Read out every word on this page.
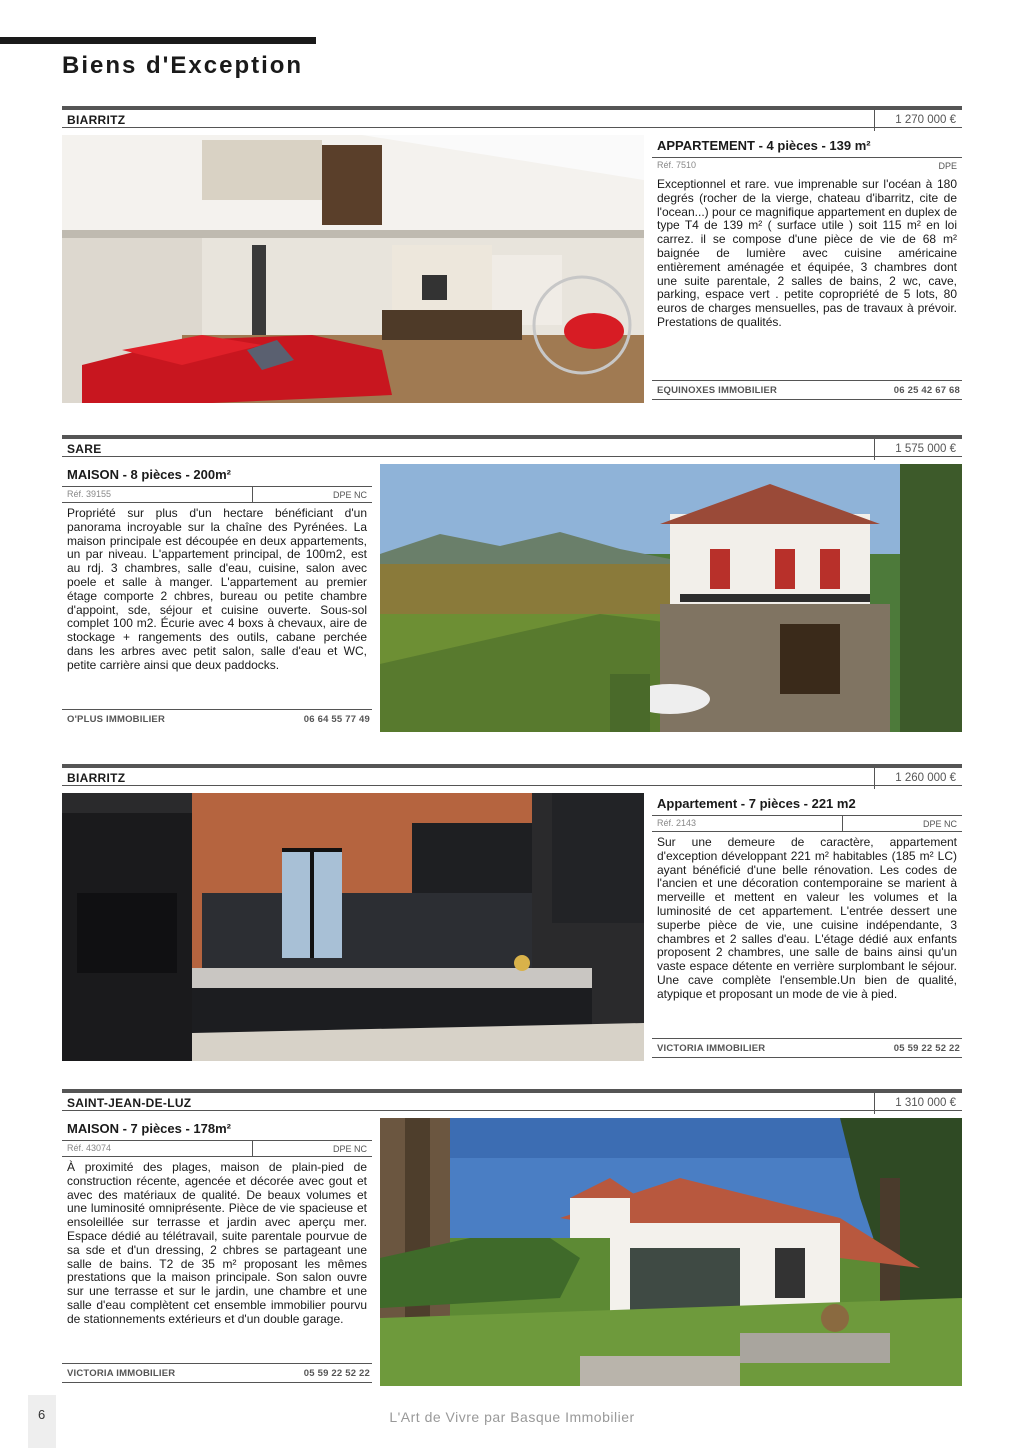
Biens d'Exception
BIARRITZ	1 270 000 €
APPARTEMENT - 4 pièces - 139 m²
Réf. 7510	DPE
Exceptionnel et rare. vue imprenable sur l'océan à 180 degrés (rocher de la vierge, chateau d'ibarritz, cite de l'ocean...) pour ce magnifique appartement en duplex de type T4 de 139 m² ( surface utile ) soit 115 m² en loi carrez. il se compose d'une pièce de vie de 68 m² baignée de lumière avec cuisine américaine entièrement aménagée et équipée, 3 chambres dont une suite parentale, 2 salles de bains, 2 wc, cave, parking, espace vert . petite copropriété de 5 lots, 80 euros de charges mensuelles, pas de travaux à prévoir. Prestations de qualités.
EQUINOXES IMMOBILIER	06 25 42 67 68
SARE	1 575 000 €
MAISON - 8 pièces - 200m²
Réf. 39155	DPE NC
Propriété sur plus d'un hectare bénéficiant d'un panorama incroyable sur la chaîne des Pyrénées. La maison principale est découpée en deux appartements, un par niveau. L'appartement principal, de 100m2, est au rdj. 3 chambres, salle d'eau, cuisine, salon avec poele et salle à manger. L'appartement au premier étage comporte 2 chbres, bureau ou petite chambre d'appoint, sde, séjour et cuisine ouverte. Sous-sol complet 100 m2. Écurie avec 4 boxs à chevaux, aire de stockage + rangements des outils, cabane perchée dans les arbres avec petit salon, salle d'eau et WC, petite carrière ainsi que deux paddocks.
O'PLUS IMMOBILIER	06 64 55 77 49
BIARRITZ	1 260 000 €
Appartement - 7 pièces - 221 m2
Réf. 2143	DPE NC
Sur une demeure de caractère, appartement d'exception développant 221 m² habitables (185 m² LC) ayant bénéficié d'une belle rénovation. Les codes de l'ancien et une décoration contemporaine se marient à merveille et mettent en valeur les volumes et la luminosité de cet appartement. L'entrée dessert une superbe pièce de vie, une cuisine indépendante, 3 chambres et 2 salles d'eau. L'étage dédié aux enfants proposent 2 chambres, une salle de bains ainsi qu'un vaste espace détente en verrière surplombant le séjour. Une cave complète l'ensemble.Un bien de qualité, atypique et proposant un mode de vie à pied.
VICTORIA IMMOBILIER	05 59 22 52 22
SAINT-JEAN-DE-LUZ	1 310 000 €
MAISON - 7 pièces - 178m²
Réf. 43074	DPE NC
À proximité des plages, maison de plain-pied de construction récente, agencée et décorée avec gout et avec des matériaux de qualité. De beaux volumes et une luminosité omniprésente. Pièce de vie spacieuse et ensoleillée sur terrasse et jardin avec aperçu mer. Espace dédié au télétravail, suite parentale pourvue de sa sde et d'un dressing, 2 chbres se partageant une salle de bains. T2 de 35 m² proposant les mêmes prestations que la maison principale. Son salon ouvre sur une terrasse et sur le jardin, une chambre et une salle d'eau complètent cet ensemble immobilier pourvu de stationnements extérieurs et d'un double garage.
VICTORIA IMMOBILIER	05 59 22 52 22
6	L'Art de Vivre par Basque Immobilier
